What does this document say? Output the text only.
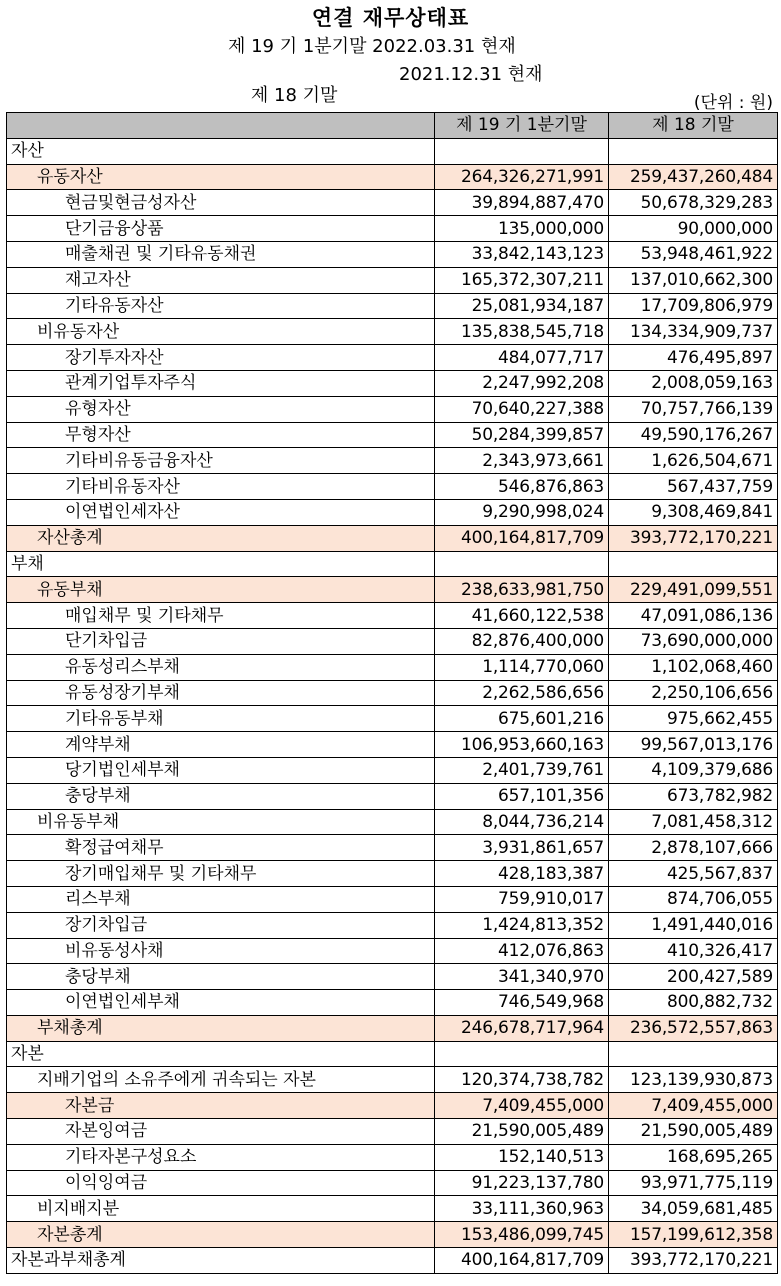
연결 재무상태표
제 19 기 1분기말 2022.03.31 현재

제 18 기말

2021.12.31 현재

(단위 : 원)
	제 19 기 1분기말	제 18 기말
자산		
유동자산	264,326,271,991	259,437,260,484
현금및현금성자산	39,894,887,470	50,678,329,283
단기금융상품	135,000,000	90,000,000
매출채권 및 기타유동채권	33,842,143,123	53,948,461,922
재고자산	165,372,307,211	137,010,662,300
기타유동자산	25,081,934,187	17,709,806,979
비유동자산	135,838,545,718	134,334,909,737
장기투자자산	484,077,717	476,495,897
관계기업투자주식	2,247,992,208	2,008,059,163
유형자산	70,640,227,388	70,757,766,139
무형자산	50,284,399,857	49,590,176,267
기타비유동금융자산	2,343,973,661	1,626,504,671
기타비유동자산	546,876,863	567,437,759
이연법인세자산	9,290,998,024	9,308,469,841
자산총계	400,164,817,709	393,772,170,221
부채		
유동부채	238,633,981,750	229,491,099,551
매입채무 및 기타채무	41,660,122,538	47,091,086,136
단기차입금	82,876,400,000	73,690,000,000
유동성리스부채	1,114,770,060	1,102,068,460
유동성장기부채	2,262,586,656	2,250,106,656
기타유동부채	675,601,216	975,662,455
계약부채	106,953,660,163	99,567,013,176
당기법인세부채	2,401,739,761	4,109,379,686
충당부채	657,101,356	673,782,982
비유동부채	8,044,736,214	7,081,458,312
확정급여채무	3,931,861,657	2,878,107,666
장기매입채무 및 기타채무	428,183,387	425,567,837
리스부채	759,910,017	874,706,055
장기차입금	1,424,813,352	1,491,440,016
비유동성사채	412,076,863	410,326,417
충당부채	341,340,970	200,427,589
이연법인세부채	746,549,968	800,882,732
부채총계	246,678,717,964	236,572,557,863
자본		
지배기업의 소유주에게 귀속되는 자본	120,374,738,782	123,139,930,873
자본금	7,409,455,000	7,409,455,000
자본잉여금	21,590,005,489	21,590,005,489
기타자본구성요소	152,140,513	168,695,265
이익잉여금	91,223,137,780	93,971,775,119
비지배지분	33,111,360,963	34,059,681,485
자본총계	153,486,099,745	157,199,612,358
자본과부채총계	400,164,817,709	393,772,170,221
